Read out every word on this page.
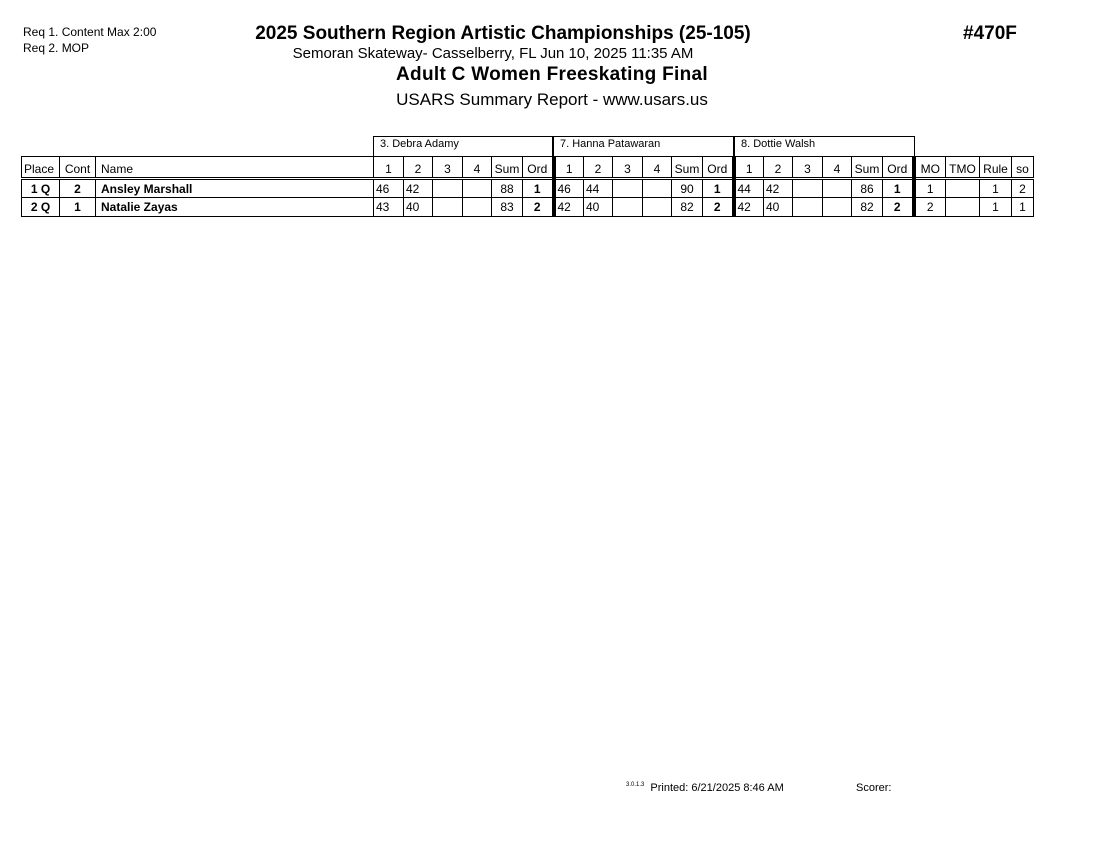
Req 1. Content Max 2:00
Req 2. MOP
2025 Southern Region Artistic Championships (25-105)
Semoran Skateway- Casselberry, FL Jun 10, 2025 11:35 AM
Adult C Women Freeskating Final
USARS Summary Report - www.usars.us
#470F
3. Debra Adamy	7. Hanna Patawaran	8. Dottie Walsh
Place	Cont	Name	1	2	3	4	Sum	Ord	1	2	3	4	Sum	Ord	1	2	3	4	Sum	Ord	MO	TMO	Rule	so
1 Q	2	Ansley Marshall	46	42			88	1	46	44			90	1	44	42			86	1	1		1	2
2 Q	1	Natalie Zayas	43	40			83	2	42	40			82	2	42	40			82	2	2		1	1
$^{3.0.1.3}$ Printed: 6/21/2025 8:46 AM	Scorer:
